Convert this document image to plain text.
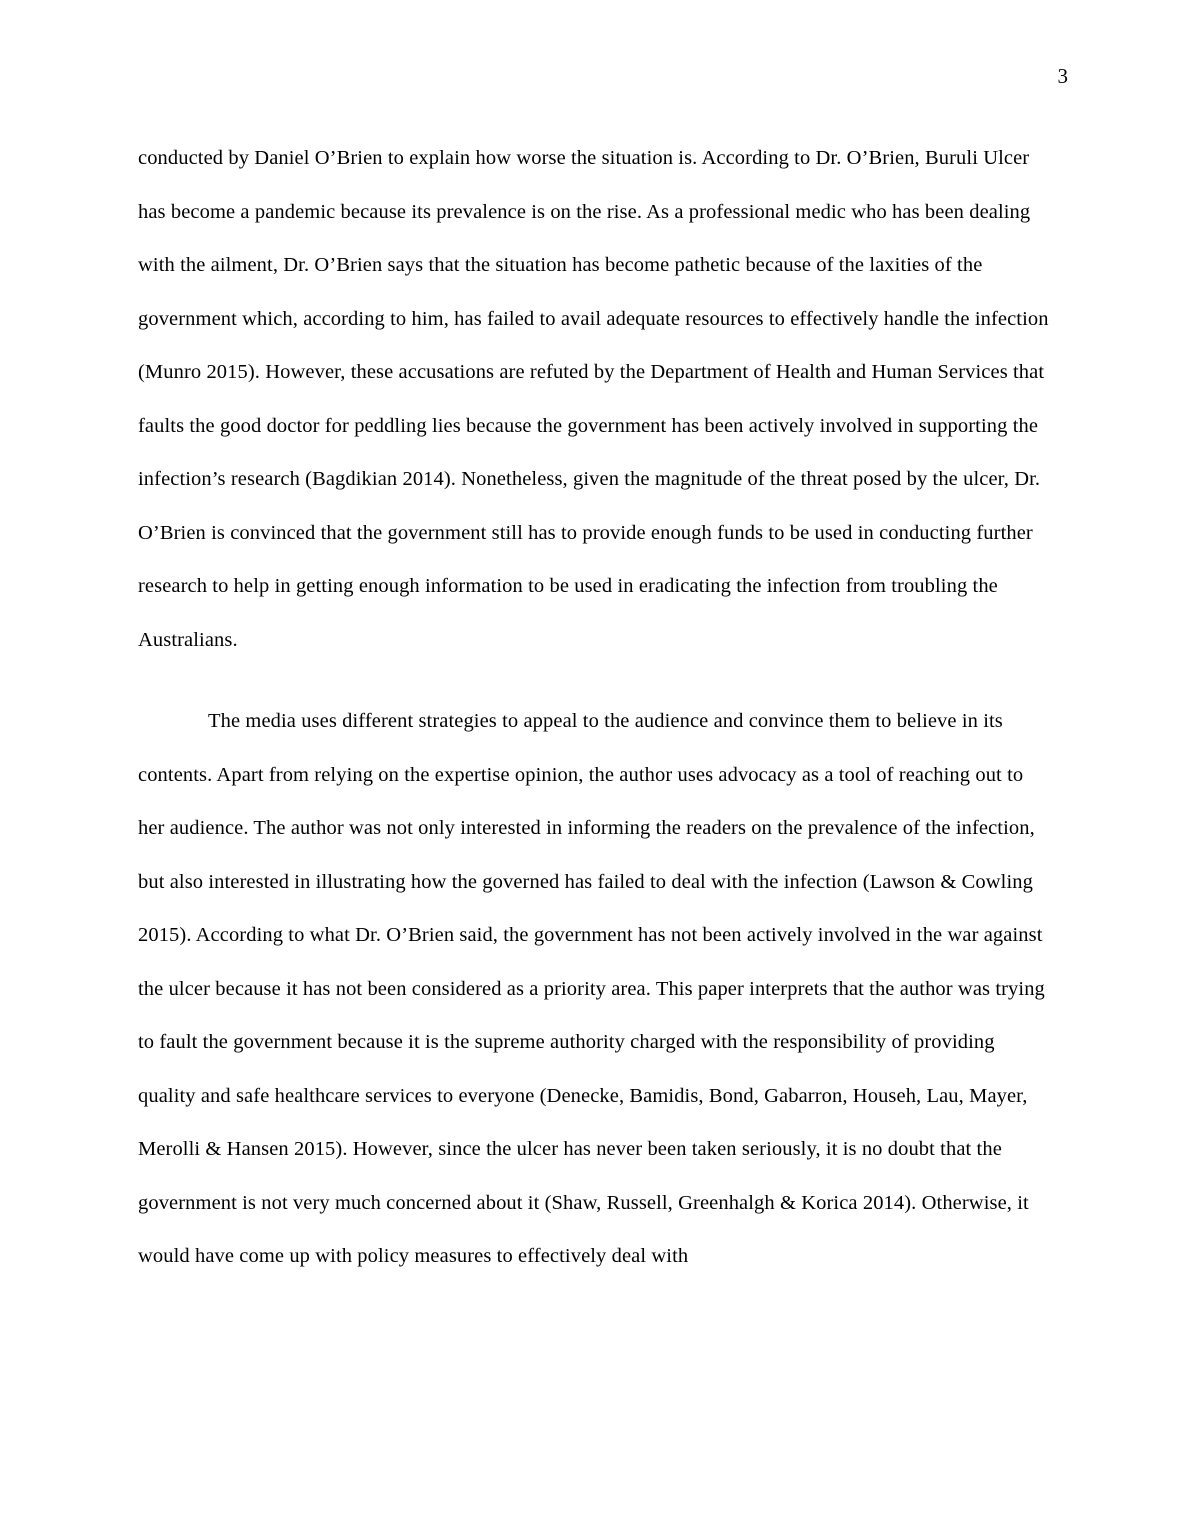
3

conducted by Daniel O’Brien to explain how worse the situation is. According to Dr. O’Brien, Buruli Ulcer has become a pandemic because its prevalence is on the rise. As a professional medic who has been dealing with the ailment, Dr. O’Brien says that the situation has become pathetic because of the laxities of the government which, according to him, has failed to avail adequate resources to effectively handle the infection (Munro 2015). However, these accusations are refuted by the Department of Health and Human Services that faults the good doctor for peddling lies because the government has been actively involved in supporting the infection’s research (Bagdikian 2014). Nonetheless, given the magnitude of the threat posed by the ulcer, Dr. O’Brien is convinced that the government still has to provide enough funds to be used in conducting further research to help in getting enough information to be used in eradicating the infection from troubling the Australians.

The media uses different strategies to appeal to the audience and convince them to believe in its contents. Apart from relying on the expertise opinion, the author uses advocacy as a tool of reaching out to her audience. The author was not only interested in informing the readers on the prevalence of the infection, but also interested in illustrating how the governed has failed to deal with the infection (Lawson & Cowling 2015). According to what Dr. O’Brien said, the government has not been actively involved in the war against the ulcer because it has not been considered as a priority area. This paper interprets that the author was trying to fault the government because it is the supreme authority charged with the responsibility of providing quality and safe healthcare services to everyone (Denecke, Bamidis, Bond, Gabarron, Househ, Lau, Mayer, Merolli & Hansen 2015). However, since the ulcer has never been taken seriously, it is no doubt that the government is not very much concerned about it (Shaw, Russell, Greenhalgh & Korica 2014). Otherwise, it would have come up with policy measures to effectively deal with
